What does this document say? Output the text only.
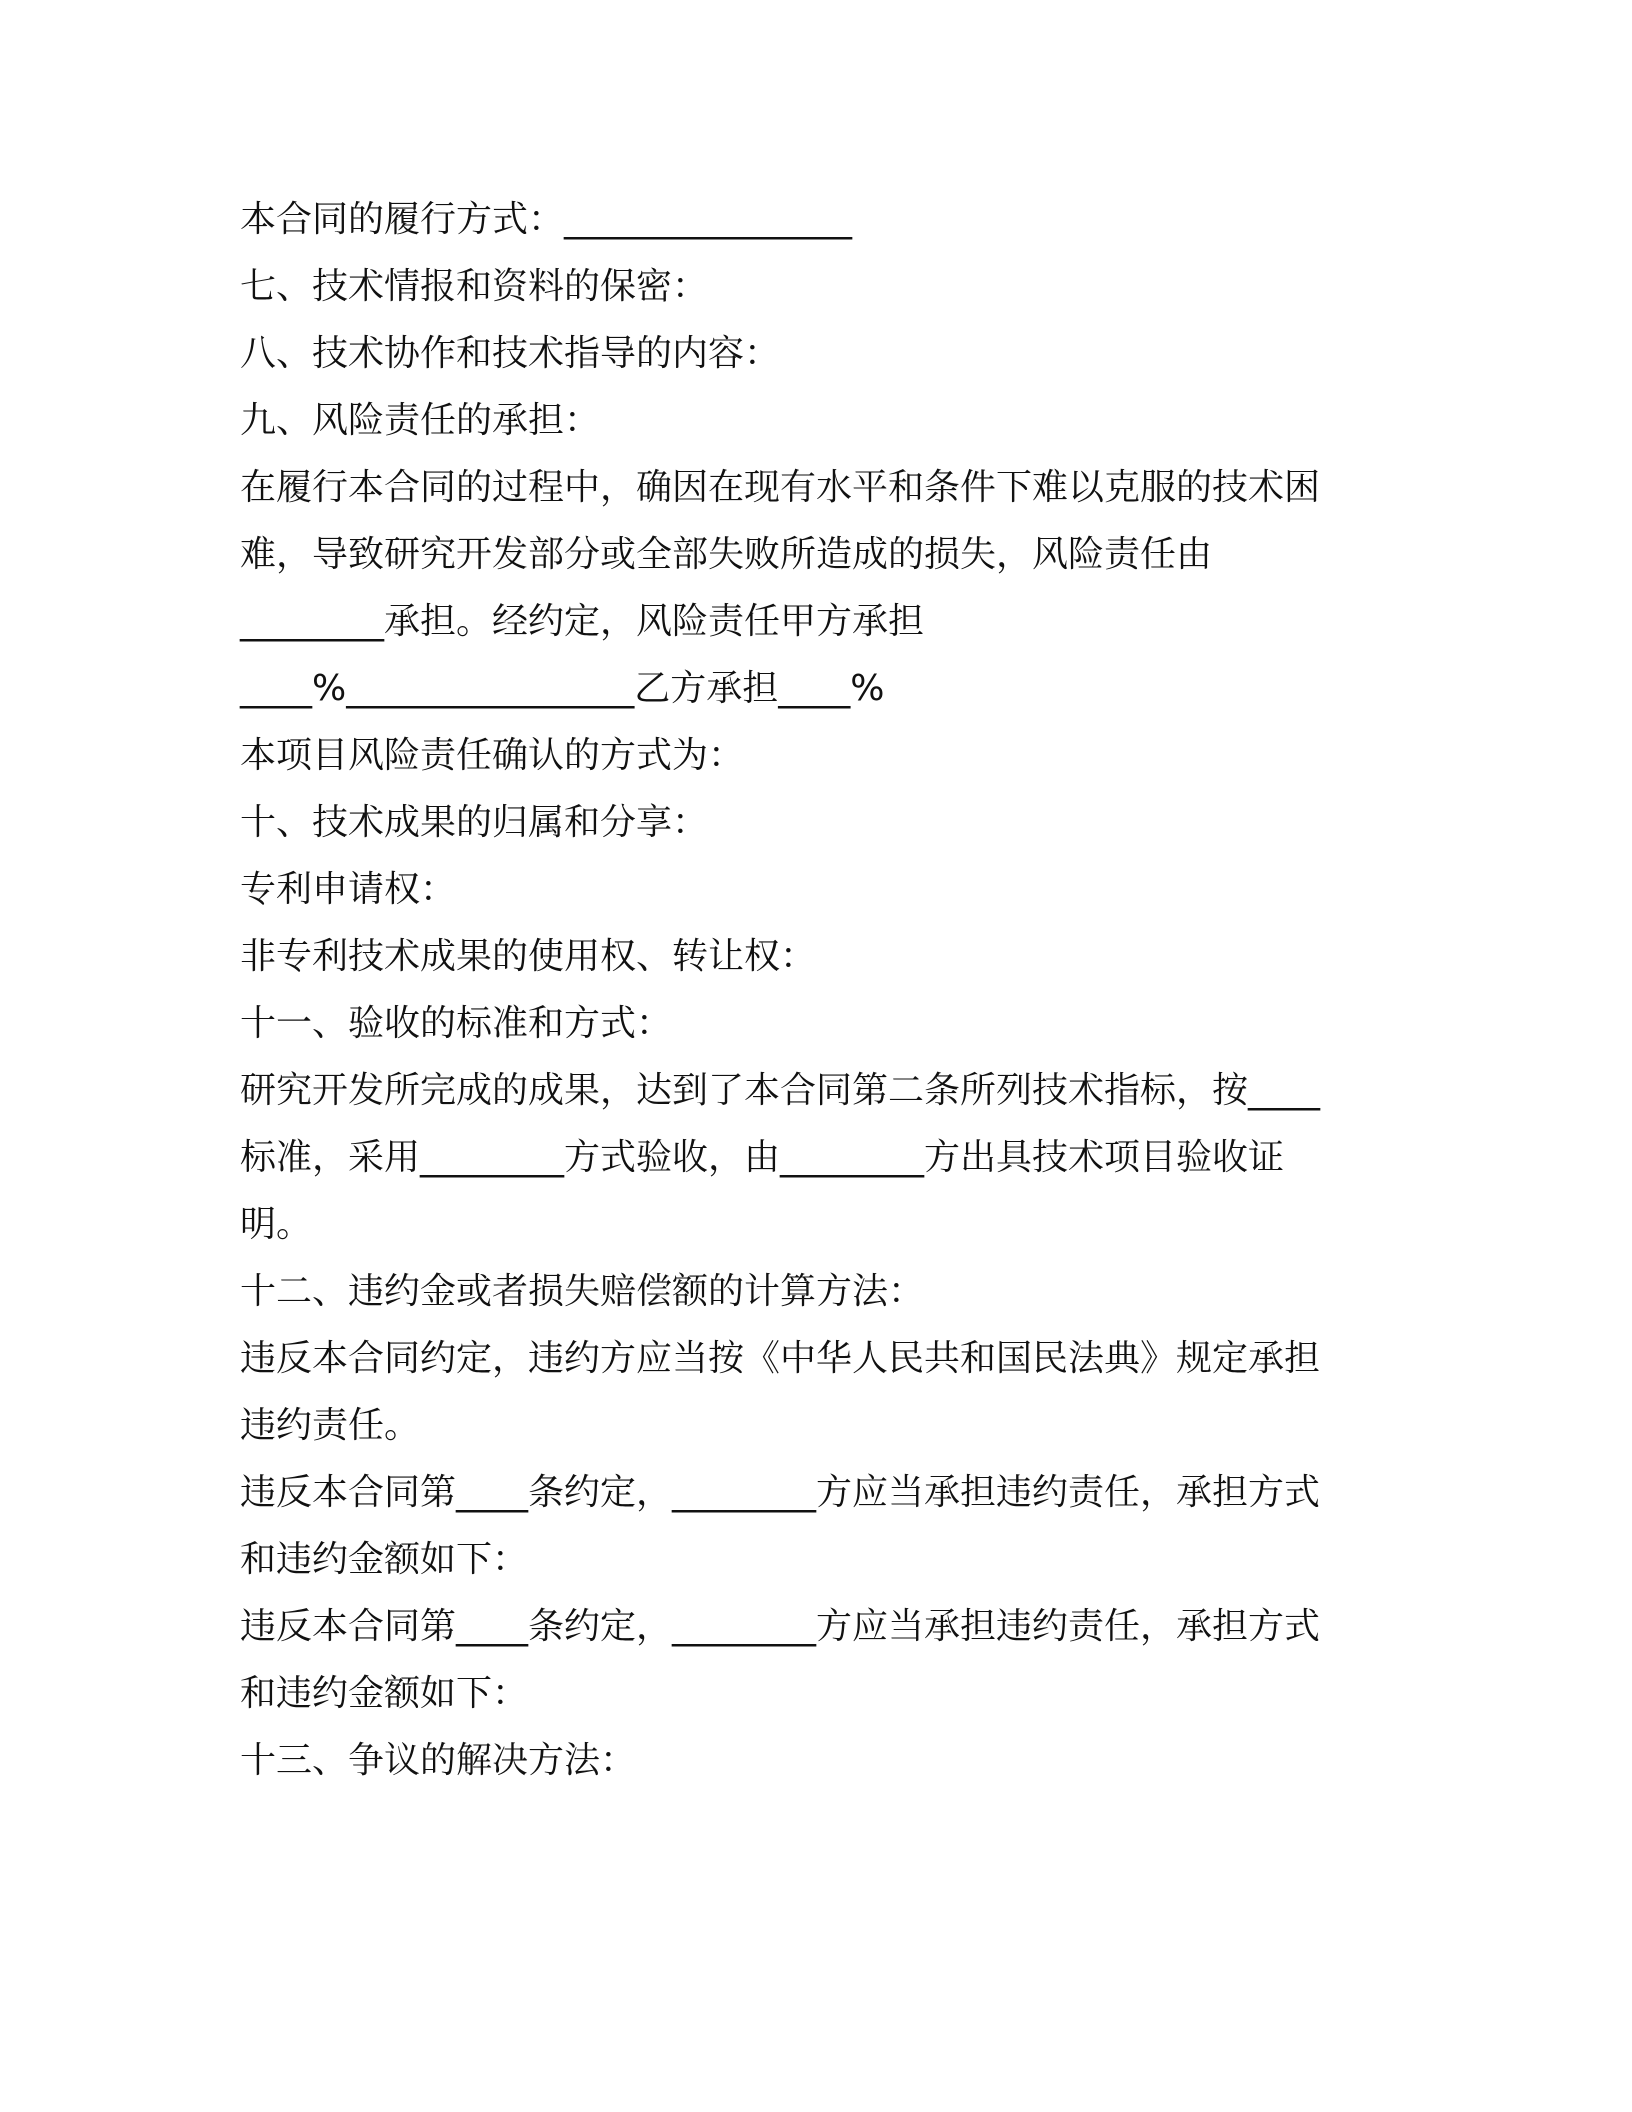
本合同的履行方式：________________
七、技术情报和资料的保密：
八、技术协作和技术指导的内容：
九、风险责任的承担：
在履行本合同的过程中，确因在现有水平和条件下难以克服的技术困
难，导致研究开发部分或全部失败所造成的损失，风险责任由
________承担。经约定，风险责任甲方承担
____%________________乙方承担____%
本项目风险责任确认的方式为：
十、技术成果的归属和分享：
专利申请权：
非专利技术成果的使用权、转让权：
十一、验收的标准和方式：
研究开发所完成的成果，达到了本合同第二条所列技术指标，按____
标准，采用________方式验收，由________方出具技术项目验收证
明。
十二、违约金或者损失赔偿额的计算方法：
违反本合同约定，违约方应当按《中华人民共和国民法典》规定承担
违约责任。
违反本合同第____条约定，________方应当承担违约责任，承担方式
和违约金额如下：
违反本合同第____条约定，________方应当承担违约责任，承担方式
和违约金额如下：
十三、争议的解决方法：
